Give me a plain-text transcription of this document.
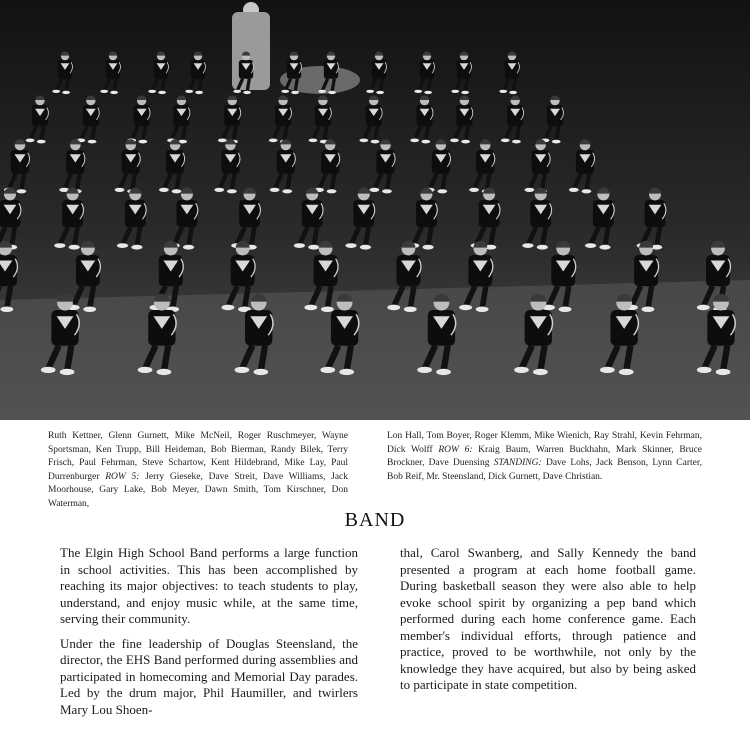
Ruth Kettner, Glenn Gurnett, Mike McNeil, Roger Ruschmeyer, Wayne Sportsman, Ken Trupp, Bill Heideman, Bob Bierman, Randy Bilek, Terry Frisch, Paul Fehrman, Steve Schartow, Kent Hildebrand, Mike Lay, Paul Durrenburger ROW 5: Jerry Gieseke, Dave Streit, Dave Williams, Jack Moorhouse, Gary Lake, Bob Meyer, Dawn Smith, Tom Kirschner, Don Waterman,
Lon Hall, Tom Boyer, Roger Klemm, Mike Wienich, Ray Strahl, Kevin Fehrman, Dick Wolff ROW 6: Kraig Baum, Warren Buckhahn, Mark Skinner, Bruce Brockner, Dave Duensing STANDING: Dave Lohs, Jack Benson, Lynn Carter, Bob Reif, Mr. Steensland, Dick Gurnett, Dave Christian.
BAND

The Elgin High School Band performs a large function in school activities. This has been accomplished by reaching its major objectives: to teach students to play, understand, and enjoy music while, at the same time, serving their community.

Under the fine leadership of Douglas Steensland, the director, the EHS Band performed during assemblies and participated in homecoming and Memorial Day parades. Led by the drum major, Phil Haumiller, and twirlers Mary Lou Shoen-

thal, Carol Swanberg, and Sally Kennedy the band presented a program at each home football game. During basketball season they were also able to help evoke school spirit by organizing a pep band which performed during each home conference game. Each member's individual efforts, through patience and practice, proved to be worthwhile, not only by the knowledge they have acquired, but also by being asked to participate in state competition.
